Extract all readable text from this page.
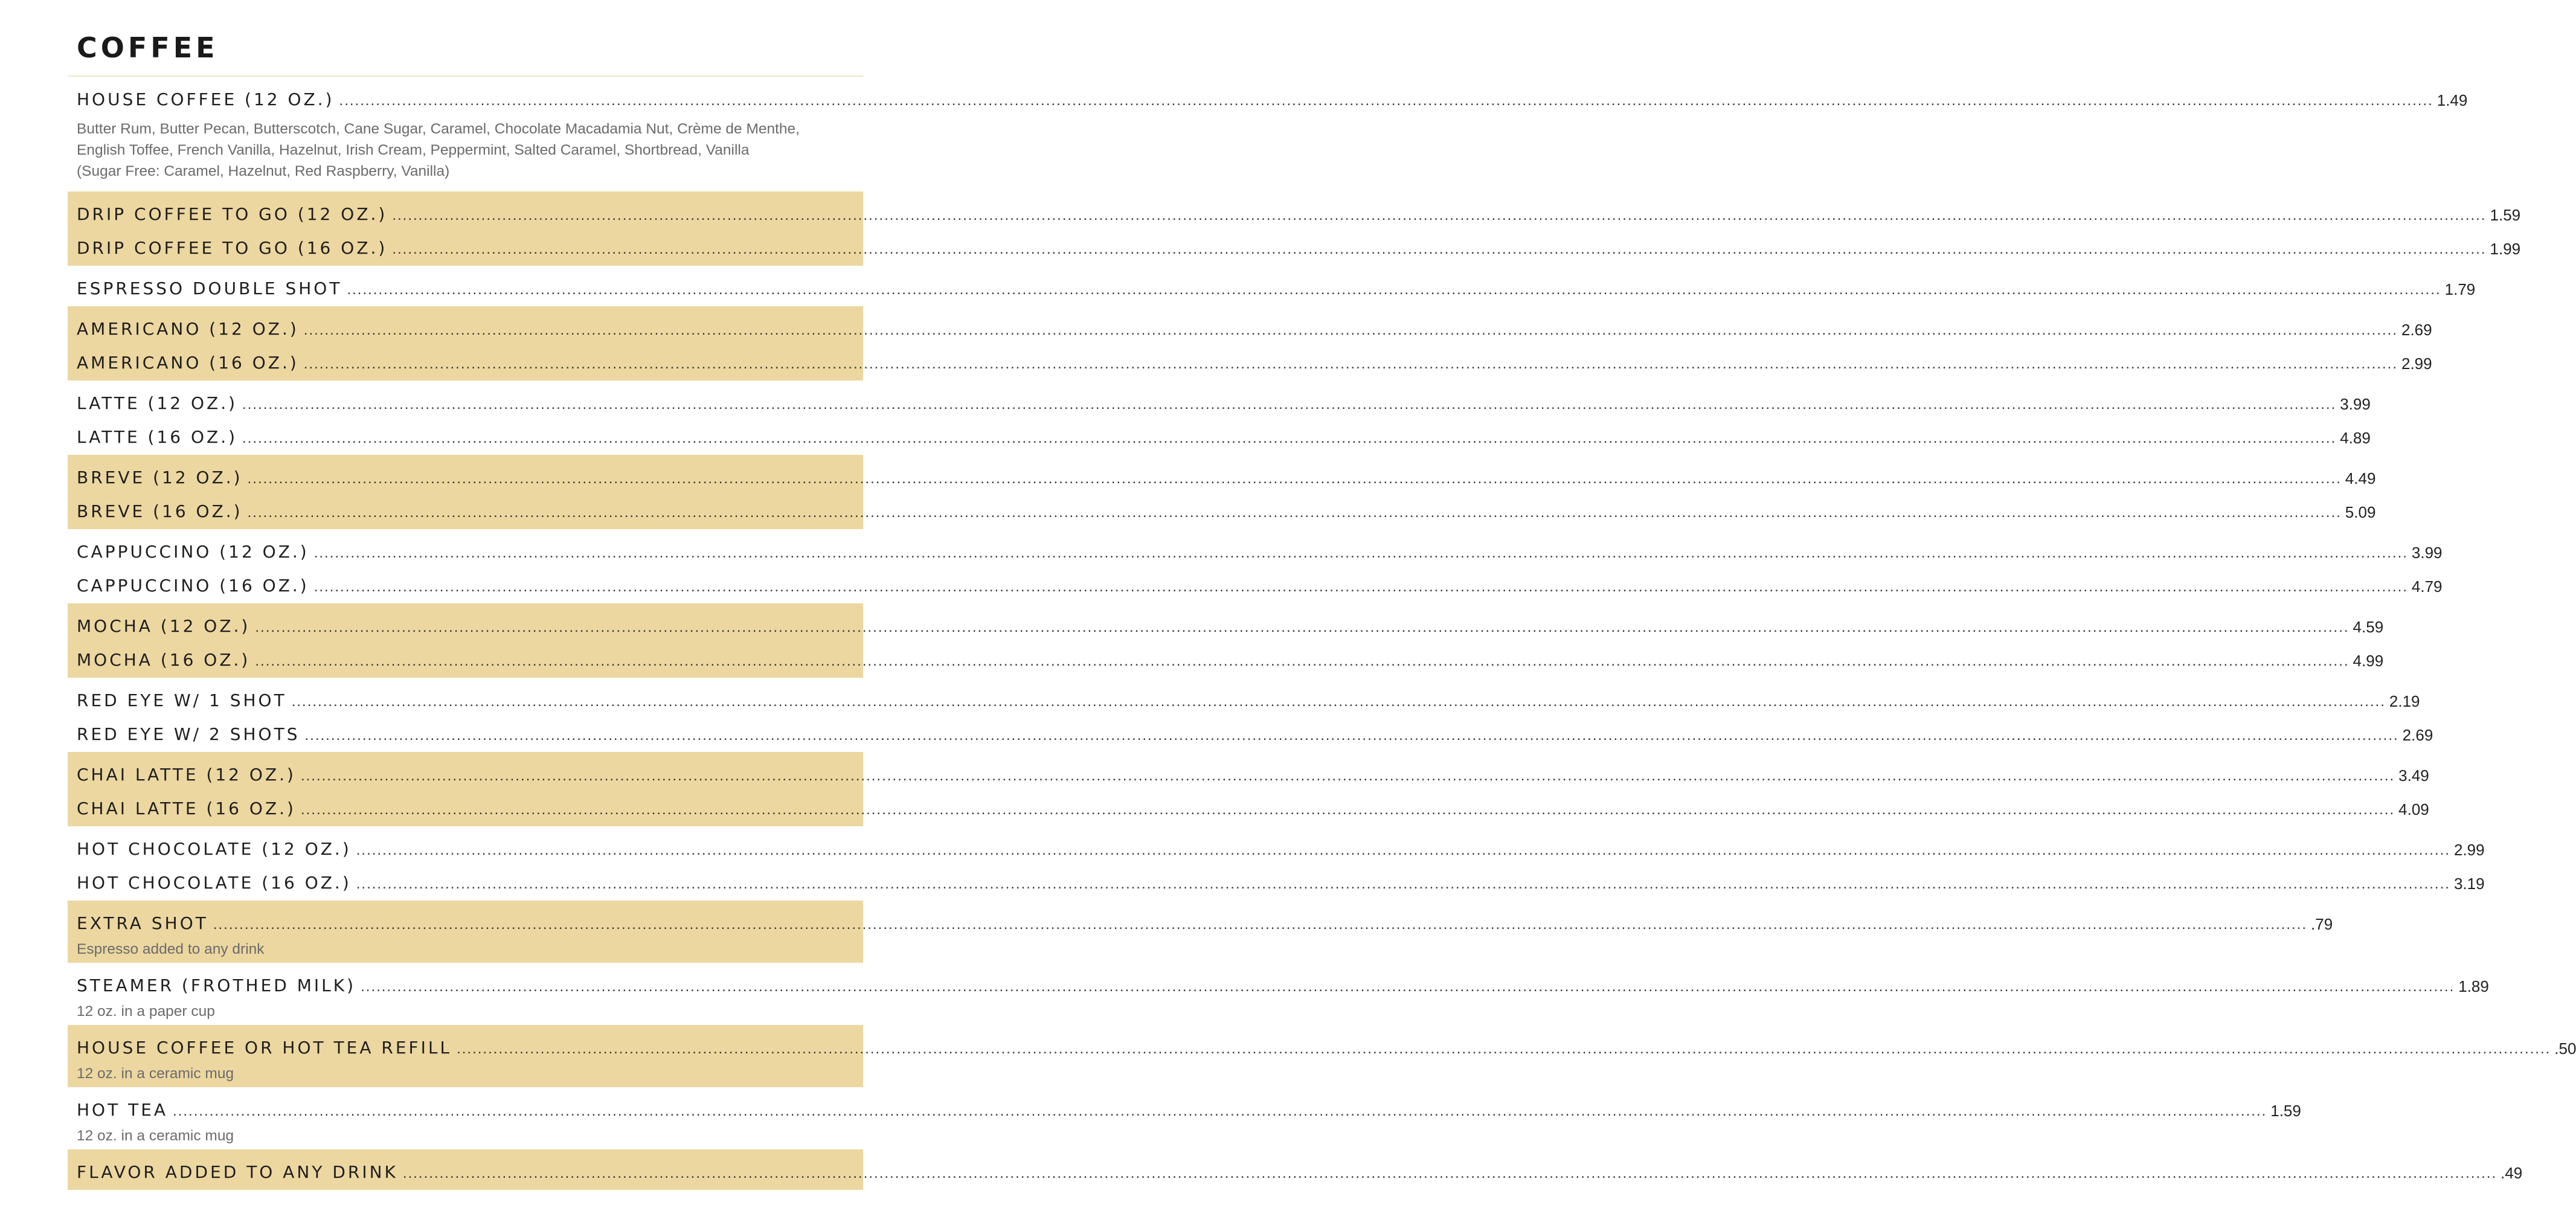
COFFEE
HOUSE COFFEE (12 OZ.) ................................................................................................................................................................................................................................................................................................................................................................................................................ 1.49
Butter Rum, Butter Pecan, Butterscotch, Cane Sugar, Caramel, Chocolate Macadamia Nut, Crème de Menthe,
English Toffee, French Vanilla, Hazelnut, Irish Cream, Peppermint, Salted Caramel, Shortbread, Vanilla
(Sugar Free: Caramel, Hazelnut, Red Raspberry, Vanilla)
DRIP COFFEE TO GO (12 OZ.) ................................................................................................................................................................................................................................................................................................................................................................................................................ 1.59
DRIP COFFEE TO GO (16 OZ.) ................................................................................................................................................................................................................................................................................................................................................................................................................ 1.99
ESPRESSO DOUBLE SHOT ................................................................................................................................................................................................................................................................................................................................................................................................................ 1.79
AMERICANO (12 OZ.) ................................................................................................................................................................................................................................................................................................................................................................................................................ 2.69
AMERICANO (16 OZ.) ................................................................................................................................................................................................................................................................................................................................................................................................................ 2.99
LATTE (12 OZ.) ................................................................................................................................................................................................................................................................................................................................................................................................................ 3.99
LATTE (16 OZ.) ................................................................................................................................................................................................................................................................................................................................................................................................................ 4.89
BREVE (12 OZ.) ................................................................................................................................................................................................................................................................................................................................................................................................................ 4.49
BREVE (16 OZ.) ................................................................................................................................................................................................................................................................................................................................................................................................................ 5.09
CAPPUCCINO (12 OZ.) ................................................................................................................................................................................................................................................................................................................................................................................................................ 3.99
CAPPUCCINO (16 OZ.) ................................................................................................................................................................................................................................................................................................................................................................................................................ 4.79
MOCHA (12 OZ.) ................................................................................................................................................................................................................................................................................................................................................................................................................ 4.59
MOCHA (16 OZ.) ................................................................................................................................................................................................................................................................................................................................................................................................................ 4.99
RED EYE W/ 1 SHOT ................................................................................................................................................................................................................................................................................................................................................................................................................ 2.19
RED EYE W/ 2 SHOTS ................................................................................................................................................................................................................................................................................................................................................................................................................ 2.69
CHAI LATTE (12 OZ.) ................................................................................................................................................................................................................................................................................................................................................................................................................ 3.49
CHAI LATTE (16 OZ.) ................................................................................................................................................................................................................................................................................................................................................................................................................ 4.09
HOT CHOCOLATE (12 OZ.) ................................................................................................................................................................................................................................................................................................................................................................................................................ 2.99
HOT CHOCOLATE (16 OZ.) ................................................................................................................................................................................................................................................................................................................................................................................................................ 3.19
EXTRA SHOT ................................................................................................................................................................................................................................................................................................................................................................................................................ .79
Espresso added to any drink
STEAMER (FROTHED MILK) ................................................................................................................................................................................................................................................................................................................................................................................................................ 1.89
12 oz. in a paper cup
HOUSE COFFEE OR HOT TEA REFILL ................................................................................................................................................................................................................................................................................................................................................................................................................ .50
12 oz. in a ceramic mug
HOT TEA ................................................................................................................................................................................................................................................................................................................................................................................................................ 1.59
12 oz. in a ceramic mug
FLAVOR ADDED TO ANY DRINK ................................................................................................................................................................................................................................................................................................................................................................................................................ .49
